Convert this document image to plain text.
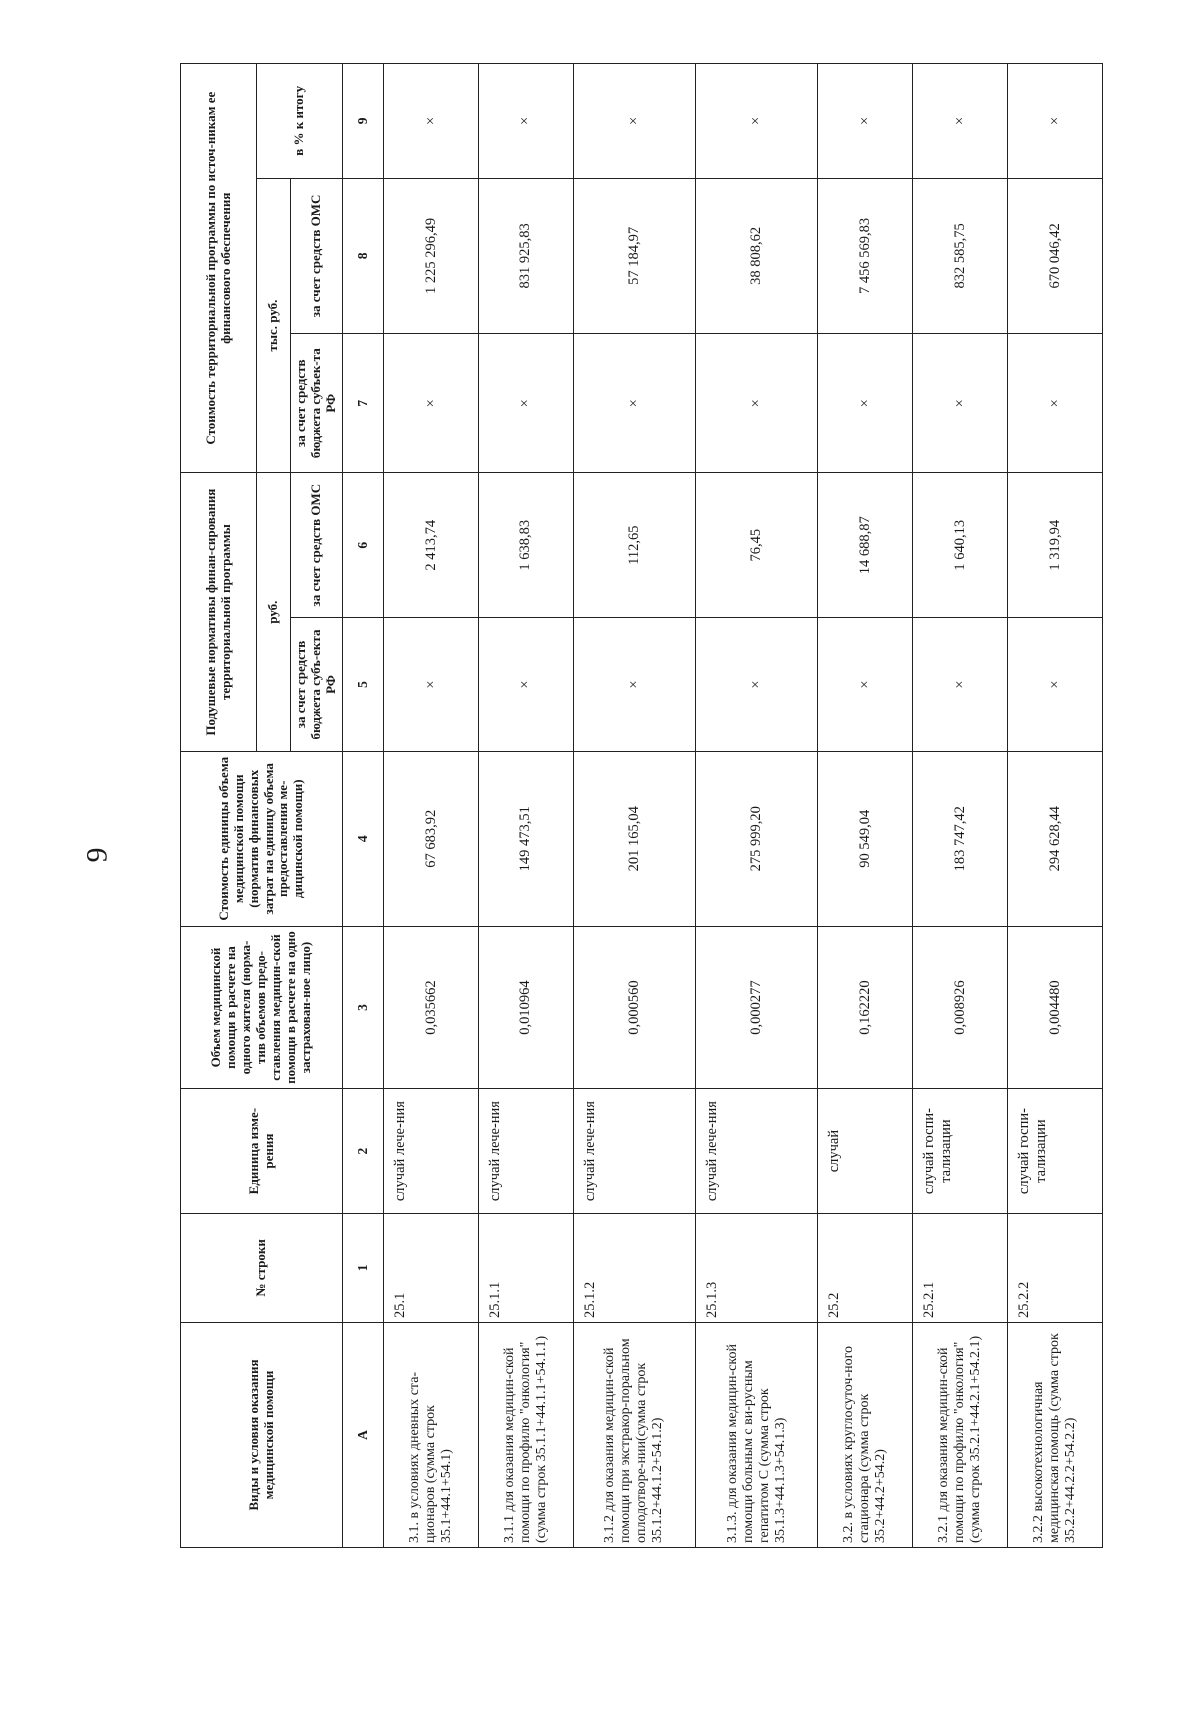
9
Виды и условия оказания медицинской помощи	№ строки	Единица изме-рения	Объем медицинской помощи в расчете на одного жителя (норма-тив объемов предо-ставления медицин-ской помощи в расчете на одно застрахован-ное лицо)	Стоимость единицы объема медицинской помощи (норматив финансовых затрат на единицу объема предоставления ме-дицинской помощи)	Подушевые нормативы финан-сирования территориальной программы		Стоимость территориальной программы по источ-никам ее финансового обеспечения		
					руб.		тыс. руб.		в % к итогу
					за счет средств бюджета субъ-екта РФ	за счет средств ОМС	за счет средств бюджета субъек-та РФ	за счет средств ОМС	
А	1	2	3	4	5	6	7	8	9
3.1. в условиях дневных ста-ционаров (сумма строк 35.1+44.1+54.1)	25.1	случай лече-ния	0,035662	67 683,92	×	2 413,74	×	1 225 296,49	×
3.1.1 для оказания медицин-ской помощи по профилю "онкология" (сумма строк 35.1.1+44.1.1+54.1.1)	25.1.1	случай лече-ния	0,010964	149 473,51	×	1 638,83	×	831 925,83	×
3.1.2 для оказания медицин-ской помощи при экстракор-поральном оплодотворе-нии(сумма строк 35.1.2+44.1.2+54.1.2)	25.1.2	случай лече-ния	0,000560	201 165,04	×	112,65	×	57 184,97	×
3.1.3. для оказания медицин-ской помощи больным с ви-русным гепатитом С (сумма строк 35.1.3+44.1.3+54.1.3)	25.1.3	случай лече-ния	0,000277	275 999,20	×	76,45	×	38 808,62	×
3.2. в условиях круглосуточ-ного стационара (сумма строк 35.2+44.2+54.2)	25.2	случай	0,162220	90 549,04	×	14 688,87	×	7 456 569,83	×
3.2.1 для оказания медицин-ской помощи по профилю "онкология" (сумма строк 35.2.1+44.2.1+54.2.1)	25.2.1	случай госпи-тализации	0,008926	183 747,42	×	1 640,13	×	832 585,75	×
3.2.2 высокотехнологичная медицинская помощь (сумма строк 35.2.2+44.2.2+54.2.2)	25.2.2	случай госпи-тализации	0,004480	294 628,44	×	1 319,94	×	670 046,42	×
